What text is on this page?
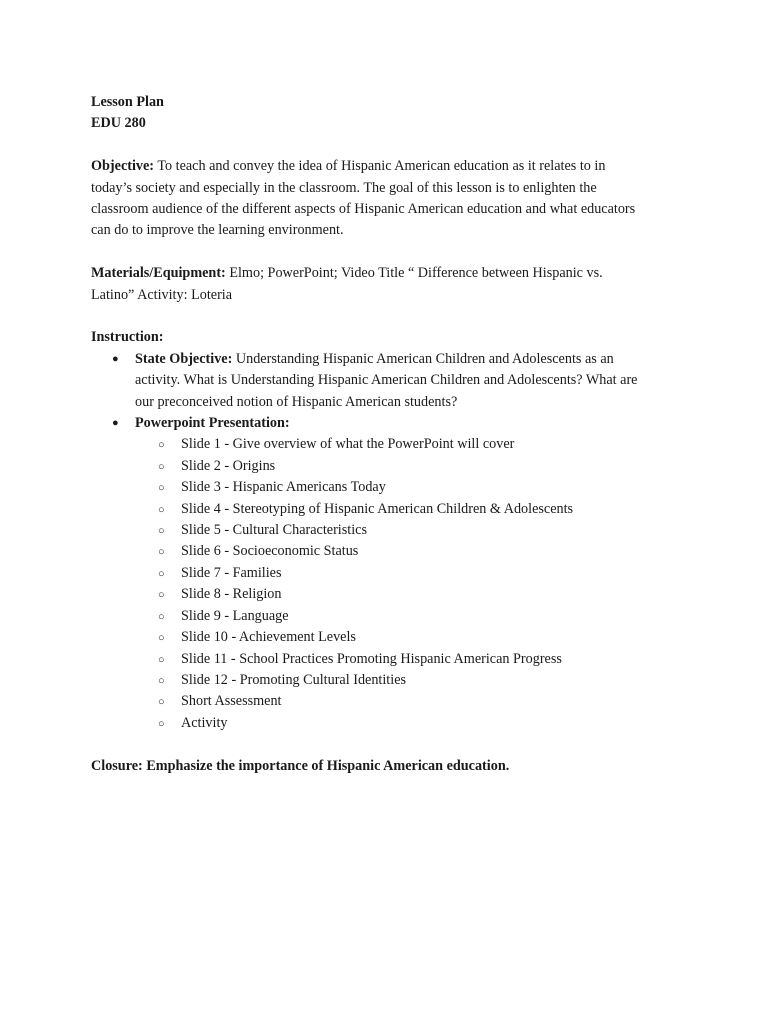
Lesson Plan
EDU 280
Objective: To teach and convey the idea of Hispanic American education as it relates to in
today’s society and especially in the classroom. The goal of this lesson is to enlighten the
classroom audience of the different aspects of Hispanic American education and what educators
can do to improve the learning environment.
Materials/Equipment: Elmo; PowerPoint; Video Title “ Difference between Hispanic vs.
Latino” Activity: Loteria
Instruction:
● State Objective: Understanding Hispanic American Children and Adolescents as an
activity. What is Understanding Hispanic American Children and Adolescents? What are
our preconceived notion of Hispanic American students?
● Powerpoint Presentation:
○ Slide 1 - Give overview of what the PowerPoint will cover
○ Slide 2 - Origins
○ Slide 3 - Hispanic Americans Today
○ Slide 4 - Stereotyping of Hispanic American Children & Adolescents
○ Slide 5 - Cultural Characteristics
○ Slide 6 - Socioeconomic Status
○ Slide 7 - Families
○ Slide 8 - Religion
○ Slide 9 - Language
○ Slide 10 - Achievement Levels
○ Slide 11 - School Practices Promoting Hispanic American Progress
○ Slide 12 - Promoting Cultural Identities
○ Short Assessment
○ Activity
Closure: Emphasize the importance of Hispanic American education.
